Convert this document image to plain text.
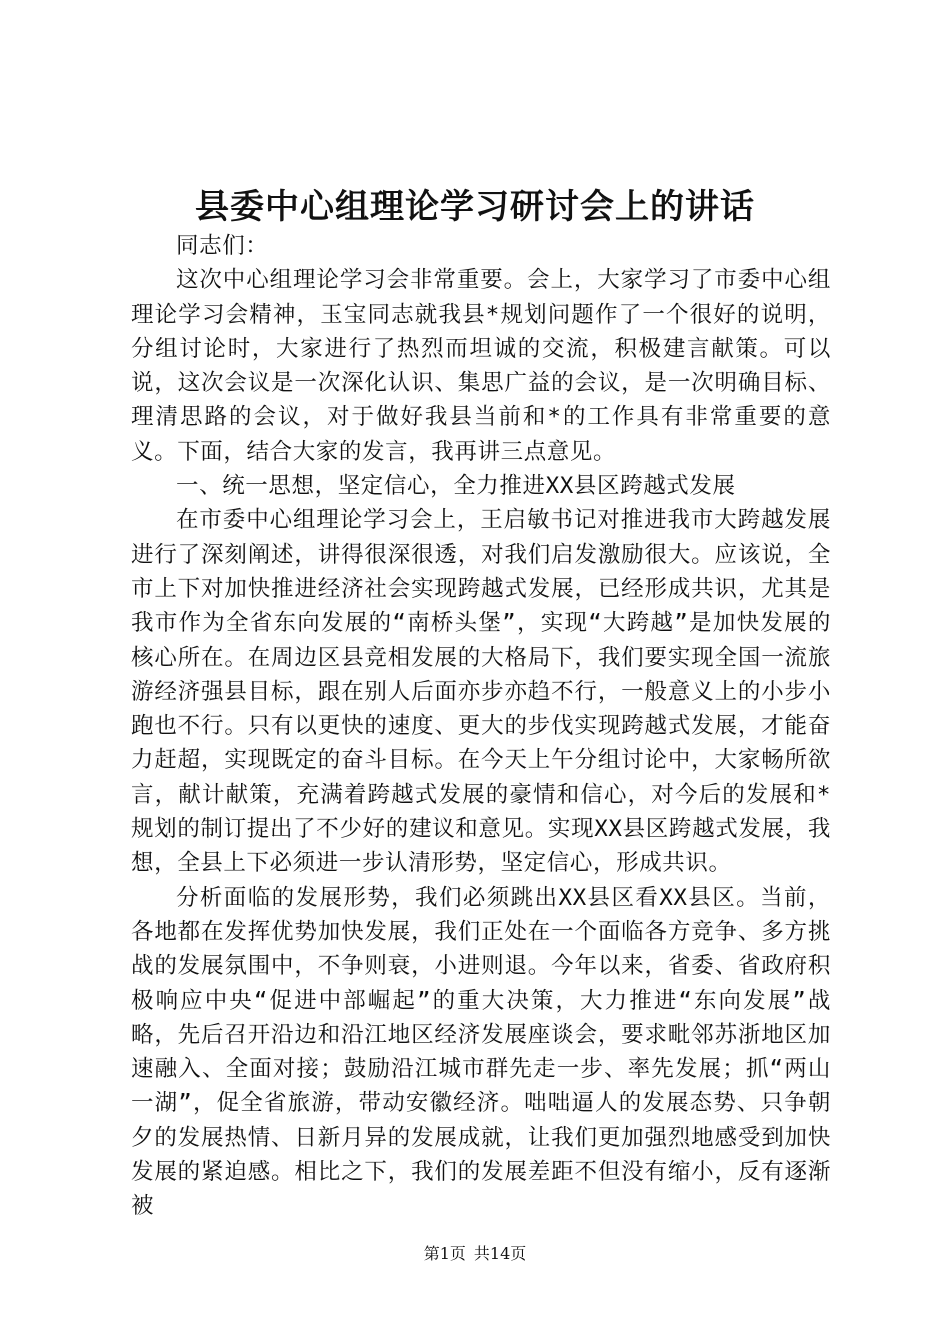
县委中心组理论学习研讨会上的讲话

同志们：

这次中心组理论学习会非常重要。会上，大家学习了市委中心组理论学习会精神，玉宝同志就我县*规划问题作了一个很好的说明，分组讨论时，大家进行了热烈而坦诚的交流，积极建言献策。可以说，这次会议是一次深化认识、集思广益的会议，是一次明确目标、理清思路的会议，对于做好我县当前和*的工作具有非常重要的意义。下面，结合大家的发言，我再讲三点意见。

一、统一思想，坚定信心，全力推进XX县区跨越式发展

在市委中心组理论学习会上，王启敏书记对推进我市大跨越发展进行了深刻阐述，讲得很深很透，对我们启发激励很大。应该说，全市上下对加快推进经济社会实现跨越式发展，已经形成共识，尤其是我市作为全省东向发展的“南桥头堡”，实现“大跨越”是加快发展的核心所在。在周边区县竞相发展的大格局下，我们要实现全国一流旅游经济强县目标，跟在别人后面亦步亦趋不行，一般意义上的小步小跑也不行。只有以更快的速度、更大的步伐实现跨越式发展，才能奋力赶超，实现既定的奋斗目标。在今天上午分组讨论中，大家畅所欲言，献计献策，充满着跨越式发展的豪情和信心，对今后的发展和*规划的制订提出了不少好的建议和意见。实现XX县区跨越式发展，我想，全县上下必须进一步认清形势，坚定信心，形成共识。

分析面临的发展形势，我们必须跳出XX县区看XX县区。当前，各地都在发挥优势加快发展，我们正处在一个面临各方竞争、多方挑战的发展氛围中，不争则衰，小进则退。今年以来，省委、省政府积极响应中央“促进中部崛起”的重大决策，大力推进“东向发展”战略，先后召开沿边和沿江地区经济发展座谈会，要求毗邻苏浙地区加速融入、全面对接；鼓励沿江城市群先走一步、率先发展；抓“两山一湖”，促全省旅游，带动安徽经济。咄咄逼人的发展态势、只争朝夕的发展热情、日新月异的发展成就，让我们更加强烈地感受到加快发展的紧迫感。相比之下，我们的发展差距不但没有缩小，反有逐渐被

第1页 共14页
